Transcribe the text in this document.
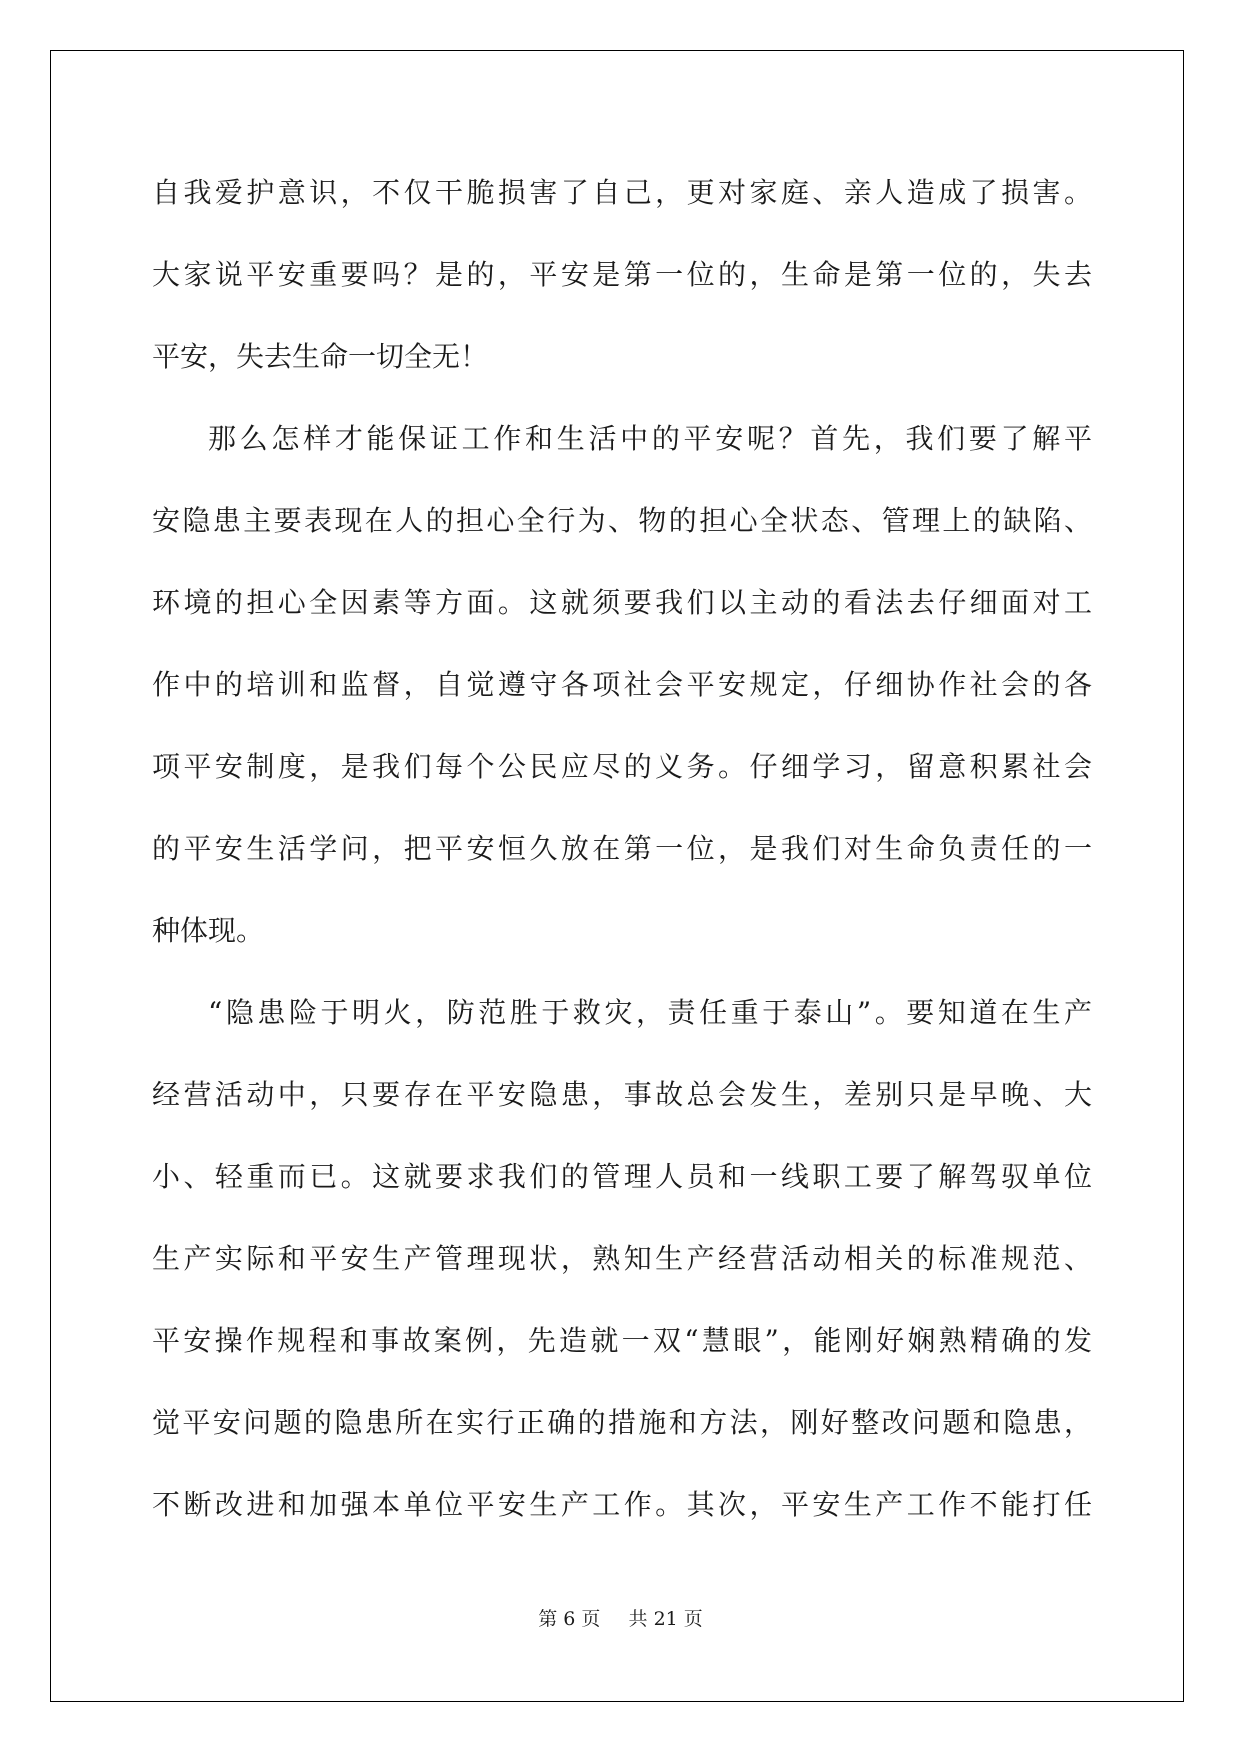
自我爱护意识，不仅干脆损害了自己，更对家庭、亲人造成了损害。
大家说平安重要吗？是的，平安是第一位的，生命是第一位的，失去
平安，失去生命一切全无！
那么怎样才能保证工作和生活中的平安呢？首先，我们要了解平
安隐患主要表现在人的担心全行为、物的担心全状态、管理上的缺陷、
环境的担心全因素等方面。这就须要我们以主动的看法去仔细面对工
作中的培训和监督，自觉遵守各项社会平安规定，仔细协作社会的各
项平安制度，是我们每个公民应尽的义务。仔细学习，留意积累社会
的平安生活学问，把平安恒久放在第一位，是我们对生命负责任的一
种体现。
“隐患险于明火，防范胜于救灾，责任重于泰山”。要知道在生产
经营活动中，只要存在平安隐患，事故总会发生，差别只是早晚、大
小、轻重而已。这就要求我们的管理人员和一线职工要了解驾驭单位
生产实际和平安生产管理现状，熟知生产经营活动相关的标准规范、
平安操作规程和事故案例，先造就一双“慧眼”，能刚好娴熟精确的发
觉平安问题的隐患所在实行正确的措施和方法，刚好整改问题和隐患，
不断改进和加强本单位平安生产工作。其次，平安生产工作不能打任
第 6 页 共 21 页
